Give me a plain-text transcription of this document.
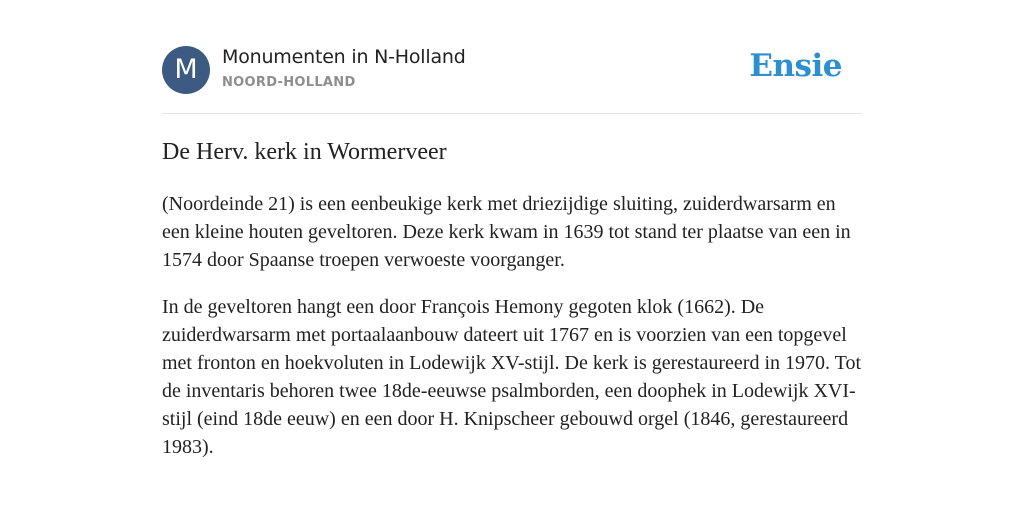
M	Monumenten in N-Holland
NOORD-HOLLAND	Ensie
De Herv. kerk in Wormerveer

(Noordeinde 21) is een eenbeukige kerk met driezijdige sluiting, zuiderdwarsarm en een kleine houten geveltoren. Deze kerk kwam in 1639 tot stand ter plaatse van een in 1574 door Spaanse troepen verwoeste voorganger.

In de geveltoren hangt een door François Hemony gegoten klok (1662). De zuiderdwarsarm met portaalaanbouw dateert uit 1767 en is voorzien van een topgevel met fronton en hoekvoluten in Lodewijk XV-stijl. De kerk is gerestaureerd in 1970. Tot de inventaris behoren twee 18de-eeuwse psalmborden, een doophek in Lodewijk XVI-stijl (eind 18de eeuw) en een door H. Knipscheer gebouwd orgel (1846, gerestaureerd 1983).
